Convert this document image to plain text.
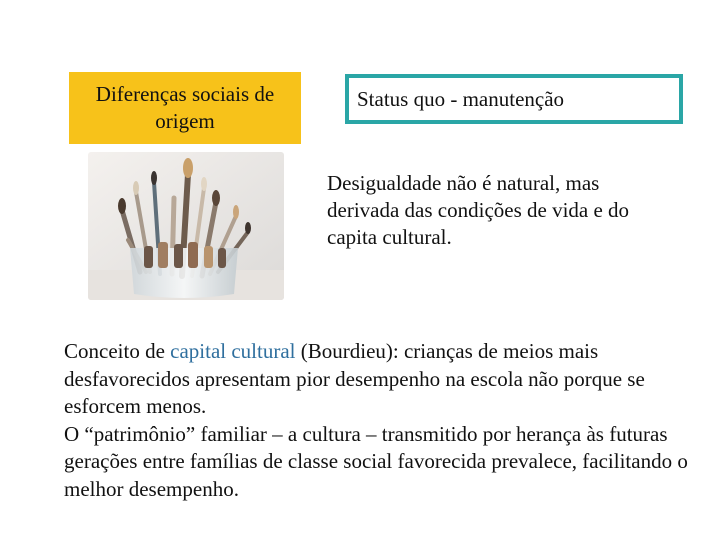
Diferenças sociais de origem
Status quo - manutenção

Desigualdade não é natural, mas derivada das condições de vida e do capita cultural.

Conceito de capital cultural (Bourdieu): crianças de meios mais desfavorecidos apresentam pior desempenho na escola não porque se esforcem menos.

O “patrimônio” familiar – a cultura – transmitido por herança às futuras gerações entre famílias de classe social favorecida prevalece, facilitando o melhor desempenho.
